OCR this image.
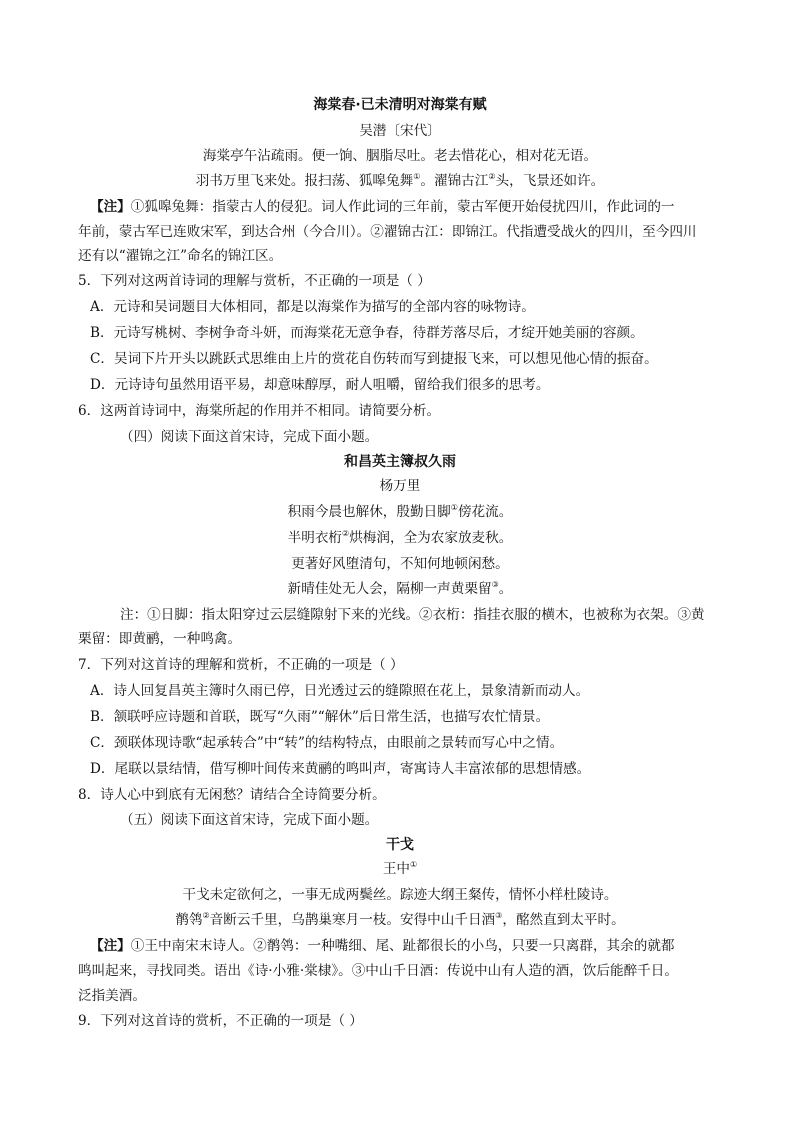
海棠春·已未清明对海棠有赋
吴潜〔宋代〕
海棠亭午沾疏雨。便一饷、胭脂尽吐。老去惜花心，相对花无语。
羽书万里飞来处。报扫荡、狐嗥兔舞①。濯锦古江②头，飞景还如许。
【注】①狐嗥兔舞：指蒙古人的侵犯。词人作此词的三年前，蒙古军便开始侵扰四川，作此词的一
年前，蒙古军已连败宋军，到达合州（今合川）。②濯锦古江：即锦江。代指遭受战火的四川，至今四川
还有以“濯锦之江”命名的锦江区。
5．下列对这两首诗词的理解与赏析，不正确的一项是（ ）
A．元诗和吴词题目大体相同，都是以海棠作为描写的全部内容的咏物诗。
B．元诗写桃树、李树争奇斗妍，而海棠花无意争春，待群芳落尽后，才绽开她美丽的容颜。
C．吴词下片开头以跳跃式思维由上片的赏花自伤转而写到捷报飞来，可以想见他心情的振奋。
D．元诗诗句虽然用语平易，却意味醇厚，耐人咀嚼，留给我们很多的思考。
6．这两首诗词中，海棠所起的作用并不相同。请简要分析。
（四）阅读下面这首宋诗，完成下面小题。
和昌英主簿叔久雨
杨万里
积雨今晨也解休，殷勤日脚①傍花流。
半明衣桁②烘梅润，全为农家放麦秋。
更著好风堕清句，不知何地顿闲愁。
新晴佳处无人会，隔柳一声黄栗留③。
注：①日脚：指太阳穿过云层缝隙射下来的光线。②衣桁：指挂衣服的横木，也被称为衣架。③黄
栗留：即黄鹂，一种鸣禽。
7．下列对这首诗的理解和赏析，不正确的一项是（ ）
A．诗人回复昌英主簿时久雨已停，日光透过云的缝隙照在花上，景象清新而动人。
B．颔联呼应诗题和首联，既写“久雨”“解休”后日常生活，也描写农忙情景。
C．颈联体现诗歌“起承转合”中“转”的结构特点，由眼前之景转而写心中之情。
D．尾联以景结情，借写柳叶间传来黄鹂的鸣叫声，寄寓诗人丰富浓郁的思想情感。
8．诗人心中到底有无闲愁？请结合全诗简要分析。
（五）阅读下面这首宋诗，完成下面小题。
干戈
王中①
干戈未定欲何之，一事无成两鬓丝。踪迹大纲王粲传，情怀小样杜陵诗。
鹡鸰②音断云千里，乌鹊巢寒月一枝。安得中山千日酒③，酩然直到太平时。
【注】①王中南宋末诗人。②鹡鸰：一种嘴细、尾、趾都很长的小鸟，只要一只离群，其余的就都
鸣叫起来，寻找同类。语出《诗·小雅·棠棣》。③中山千日酒：传说中山有人造的酒，饮后能醉千日。
泛指美酒。
9．下列对这首诗的赏析，不正确的一项是（ ）
